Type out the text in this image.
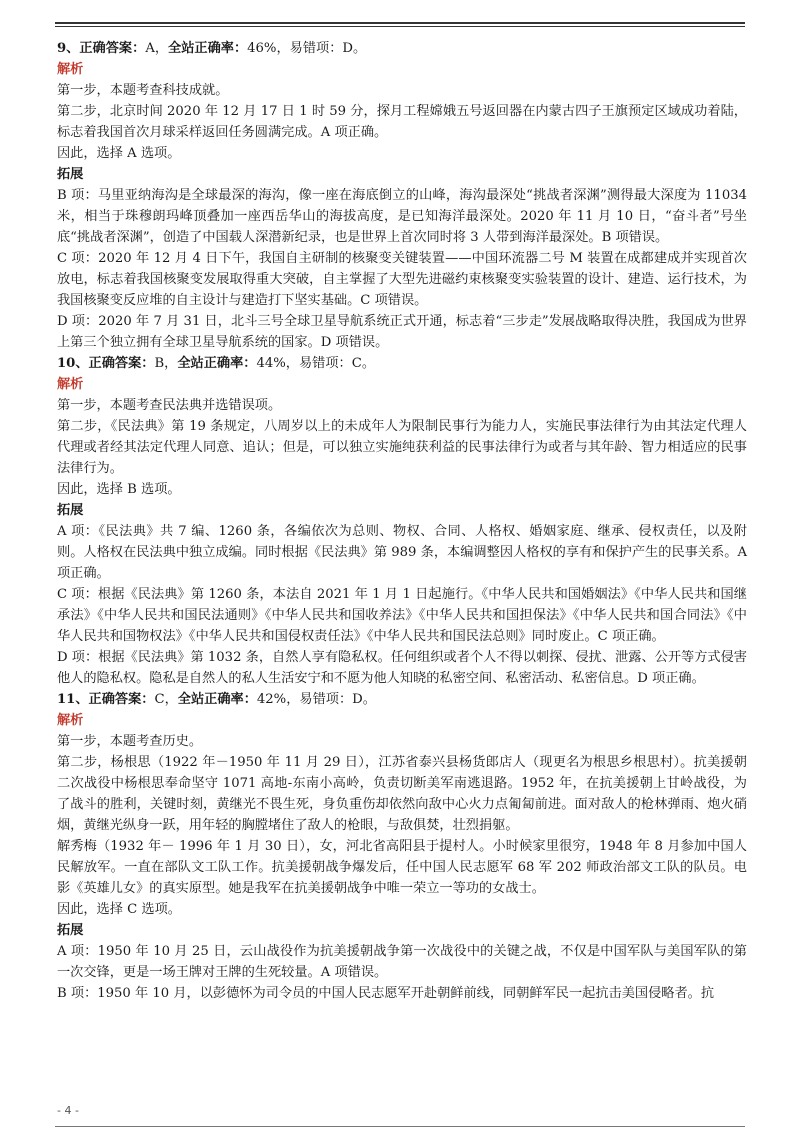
9、正确答案：A，全站正确率：46%，易错项：D。

解析

第一步，本题考查科技成就。

第二步，北京时间 2020 年 12 月 17 日 1 时 59 分，探月工程嫦娥五号返回器在内蒙古四子王旗预定区域成功着陆，标志着我国首次月球采样返回任务圆满完成。A 项正确。

因此，选择 A 选项。

拓展

B 项：马里亚纳海沟是全球最深的海沟，像一座在海底倒立的山峰，海沟最深处“挑战者深渊”测得最大深度为 11034 米，相当于珠穆朗玛峰顶叠加一座西岳华山的海拔高度，是已知海洋最深处。2020 年 11 月 10 日，“奋斗者”号坐底“挑战者深渊”，创造了中国载人深潜新纪录，也是世界上首次同时将 3 人带到海洋最深处。B 项错误。

C 项：2020 年 12 月 4 日下午，我国自主研制的核聚变关键装置——中国环流器二号 M 装置在成都建成并实现首次放电，标志着我国核聚变发展取得重大突破，自主掌握了大型先进磁约束核聚变实验装置的设计、建造、运行技术，为我国核聚变反应堆的自主设计与建造打下坚实基础。C 项错误。

D 项：2020 年 7 月 31 日，北斗三号全球卫星导航系统正式开通，标志着“三步走”发展战略取得决胜，我国成为世界上第三个独立拥有全球卫星导航系统的国家。D 项错误。

10、正确答案：B，全站正确率：44%，易错项：C。

解析

第一步，本题考查民法典并选错误项。

第二步，《民法典》第 19 条规定，八周岁以上的未成年人为限制民事行为能力人，实施民事法律行为由其法定代理人代理或者经其法定代理人同意、追认；但是，可以独立实施纯获利益的民事法律行为或者与其年龄、智力相适应的民事法律行为。

因此，选择 B 选项。

拓展

A 项：《民法典》共 7 编、1260 条，各编依次为总则、物权、合同、人格权、婚姻家庭、继承、侵权责任，以及附则。人格权在民法典中独立成编。同时根据《民法典》第 989 条，本编调整因人格权的享有和保护产生的民事关系。A 项正确。

C 项：根据《民法典》第 1260 条，本法自 2021 年 1 月 1 日起施行。《中华人民共和国婚姻法》《中华人民共和国继承法》《中华人民共和国民法通则》《中华人民共和国收养法》《中华人民共和国担保法》《中华人民共和国合同法》《中华人民共和国物权法》《中华人民共和国侵权责任法》《中华人民共和国民法总则》同时废止。C 项正确。

D 项：根据《民法典》第 1032 条，自然人享有隐私权。任何组织或者个人不得以刺探、侵扰、泄露、公开等方式侵害他人的隐私权。隐私是自然人的私人生活安宁和不愿为他人知晓的私密空间、私密活动、私密信息。D 项正确。

11、正确答案：C，全站正确率：42%，易错项：D。

解析

第一步，本题考查历史。

第二步，杨根思（1922 年－1950 年 11 月 29 日），江苏省泰兴县杨货郎店人（现更名为根思乡根思村）。抗美援朝二次战役中杨根思奉命坚守 1071 高地-东南小高岭，负责切断美军南逃退路。1952 年，在抗美援朝上甘岭战役，为了战斗的胜利，关键时刻，黄继光不畏生死，身负重伤却依然向敌中心火力点匍匐前进。面对敌人的枪林弹雨、炮火硝烟，黄继光纵身一跃，用年轻的胸膛堵住了敌人的枪眼，与敌俱焚，壮烈捐躯。

解秀梅（1932 年－ 1996 年 1 月 30 日），女，河北省高阳县于提村人。小时候家里很穷，1948 年 8 月参加中国人民解放军。一直在部队文工队工作。抗美援朝战争爆发后，任中国人民志愿军 68 军 202 师政治部文工队的队员。电影《英雄儿女》的真实原型。她是我军在抗美援朝战争中唯一荣立一等功的女战士。

因此，选择 C 选项。

拓展

A 项：1950 年 10 月 25 日，云山战役作为抗美援朝战争第一次战役中的关键之战，不仅是中国军队与美国军队的第一次交锋，更是一场王牌对王牌的生死较量。A 项错误。

B 项：1950 年 10 月，以彭德怀为司令员的中国人民志愿军开赴朝鲜前线，同朝鲜军民一起抗击美国侵略者。抗

- 4 -
